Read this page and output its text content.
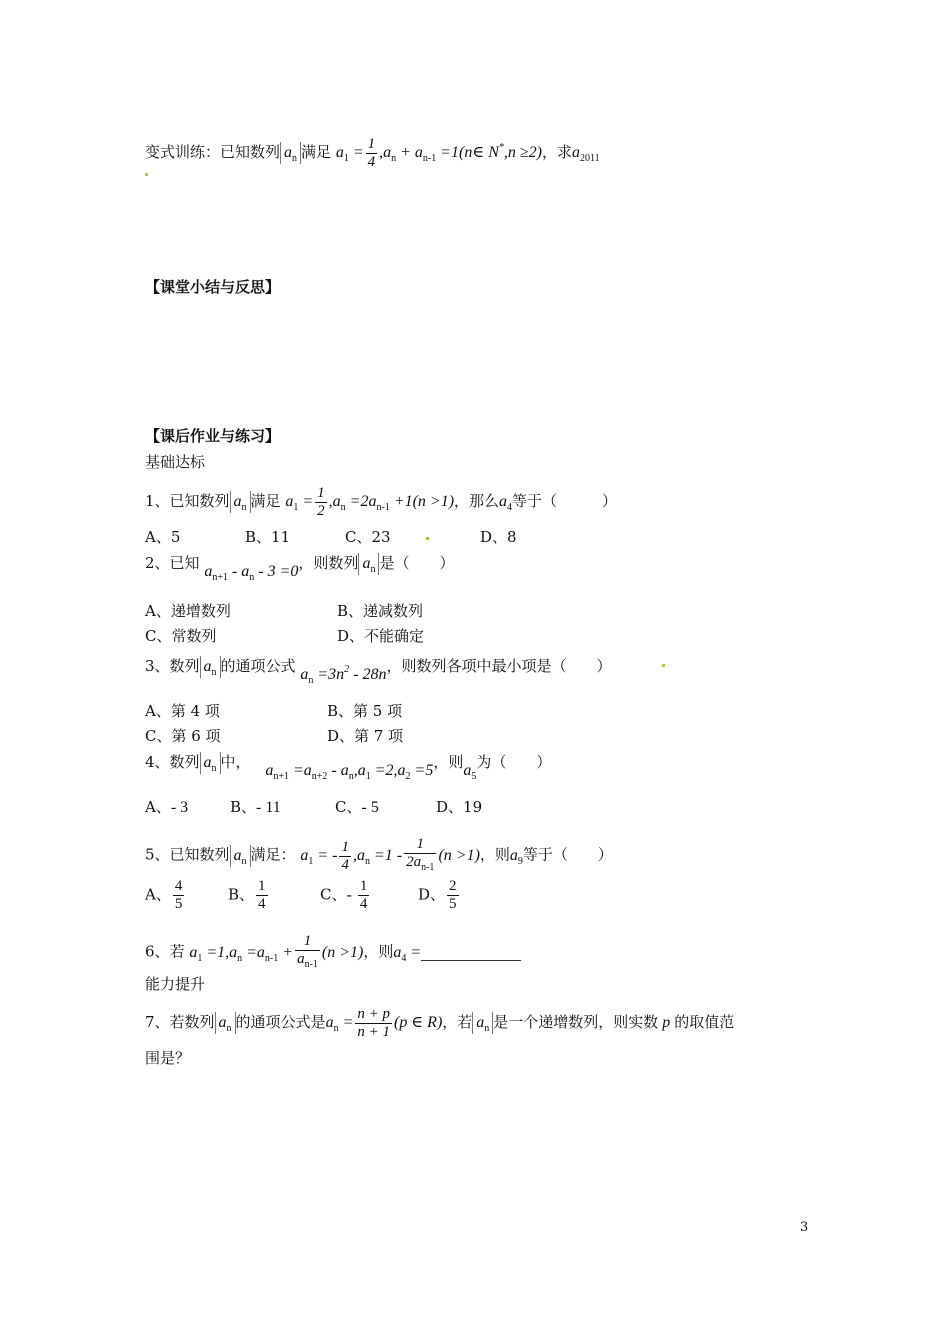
变式训练：已知数列 $a_n$ 满足 $a_1 = \frac{1}{4} ,a_n + a_{n-1}$ =1(n∈ N*,n ≥2)，求$a_{2011}$
【课堂小结与反思】
【课后作业与练习】
基础达标
1、已知数列 $a_n$ 满足 $a_1 = \frac{1}{2} ,a_n =2a_{n-1} +1(n >1)$，那么$a_4$等于（　　　）
A、5	B、11	C、23	D、8
2、已知 $a_{n+1} - a_n - 3 =0$，则数列 $a_n$ 是（　　）
A、递增数列	B、递减数列
C、常数列	D、不能确定
3、数列 $a_n$ 的通项公式 $a_n =3n^2 - 28n$，则数列各项中最小项是（　　）
A、第 4 项	B、第 5 项
C、第 6 项	D、第 7 项
4、数列 $a_n$ 中， $a_{n+1} =a_{n+2} - a_n,a_1 =2,a_2 =5$，则$a_5$为（　　）
A、- 3	B、- 11	C、- 5	D、19
5、已知数列 $a_n$ 满足： $a_1$ = - $\frac{1}{4} ,a_n =1 - \frac{1}{2a_{n-1}} (n >1)$，则$a_9$等于（　　）
A、 $\frac{4}{5}$	B、 $\frac{1}{4}$	C、- $\frac{1}{4}$	D、 $\frac{2}{5}$
6、若 $a_1 =1,a_n =a_{n-1} + \frac{1}{a_{n-1}} (n >1)$，则$a_4$ =
能力提升
7、若数列 $a_n$ 的通项公式是$a_n = \frac{n + p}{n + 1} (p$ ∈ R)，若 $a_n$ 是一个递增数列，则实数 p 的取值范
围是？
3
